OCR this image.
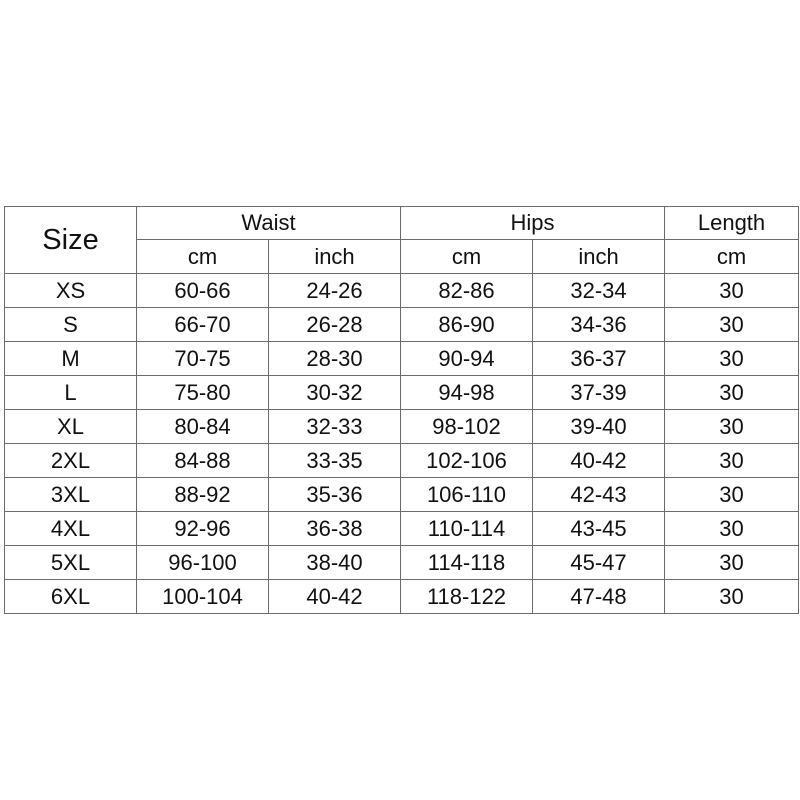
Size	Waist		Hips		Length
	cm	inch	cm	inch	cm
XS	60-66	24-26	82-86	32-34	30
S	66-70	26-28	86-90	34-36	30
M	70-75	28-30	90-94	36-37	30
L	75-80	30-32	94-98	37-39	30
XL	80-84	32-33	98-102	39-40	30
2XL	84-88	33-35	102-106	40-42	30
3XL	88-92	35-36	106-110	42-43	30
4XL	92-96	36-38	110-114	43-45	30
5XL	96-100	38-40	114-118	45-47	30
6XL	100-104	40-42	118-122	47-48	30
